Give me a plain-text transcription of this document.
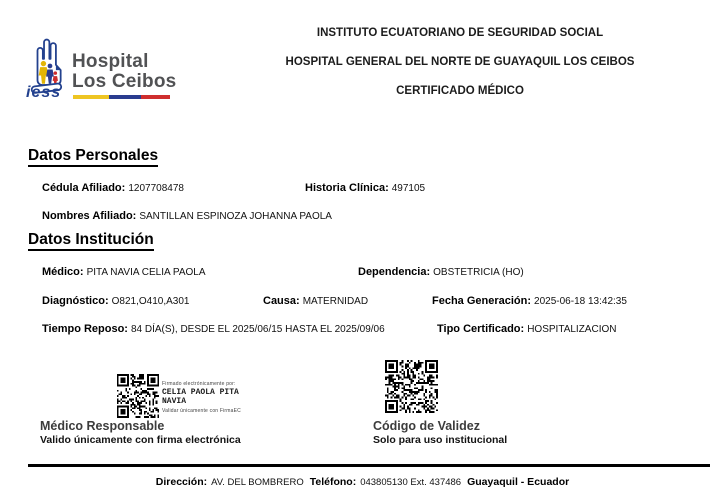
iess
Hospital
Los Ceibos
INSTITUTO ECUATORIANO DE SEGURIDAD SOCIAL
HOSPITAL GENERAL DEL NORTE DE GUAYAQUIL LOS CEIBOS
CERTIFICADO MÉDICO
Datos Personales
Cédula Afiliado: 1207708478	Historia Clínica: 497105
Nombres Afiliado: SANTILLAN ESPINOZA JOHANNA PAOLA
Datos Institución
Médico: PITA NAVIA CELIA PAOLA	Dependencia: OBSTETRICIA (HO)
Diagnóstico: O821,O410,A301	Causa: MATERNIDAD	Fecha Generación: 2025-06-18 13:42:35
Tiempo Reposo: 84 DÍA(S), DESDE EL 2025/06/15 HASTA EL 2025/09/06	Tipo Certificado: HOSPITALIZACION
Firmado electrónicamente por:
CELIA PAOLA PITA NAVIA
Validar únicamente con FirmaEC
Médico Responsable
Valido únicamente con firma electrónica
Código de Validez
Solo para uso institucional
Dirección: AV. DEL BOMBRERO Teléfono: 043805130 Ext. 437486 Guayaquil - Ecuador
